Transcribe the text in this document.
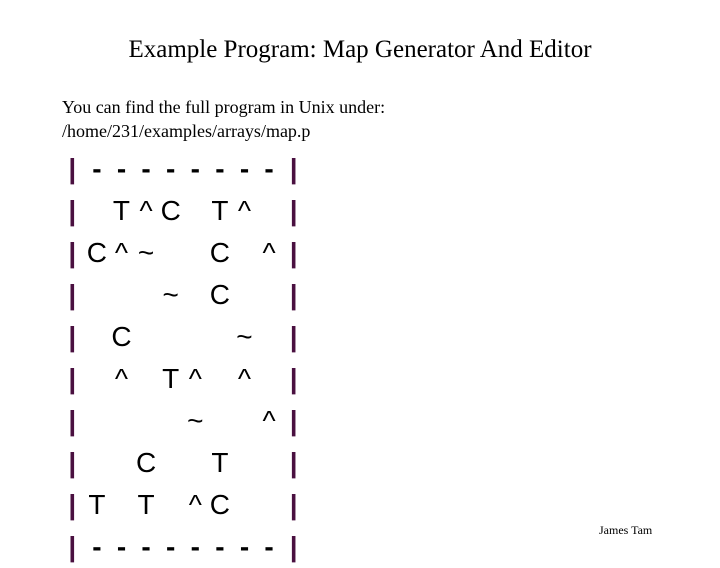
Example Program: Map Generator And Editor
You can find the full program in Unix under:
/home/231/examples/arrays/map.p
| - - - - - - - - |
| T ^ C T ^ |
| C ^ ~ C ^ |
|	~ C |
| C	~ |
| ^ T ^ ^ |
|	~ ^ |
| C T |
| T T ^ C |
| - - - - - - - - |
James Tam
